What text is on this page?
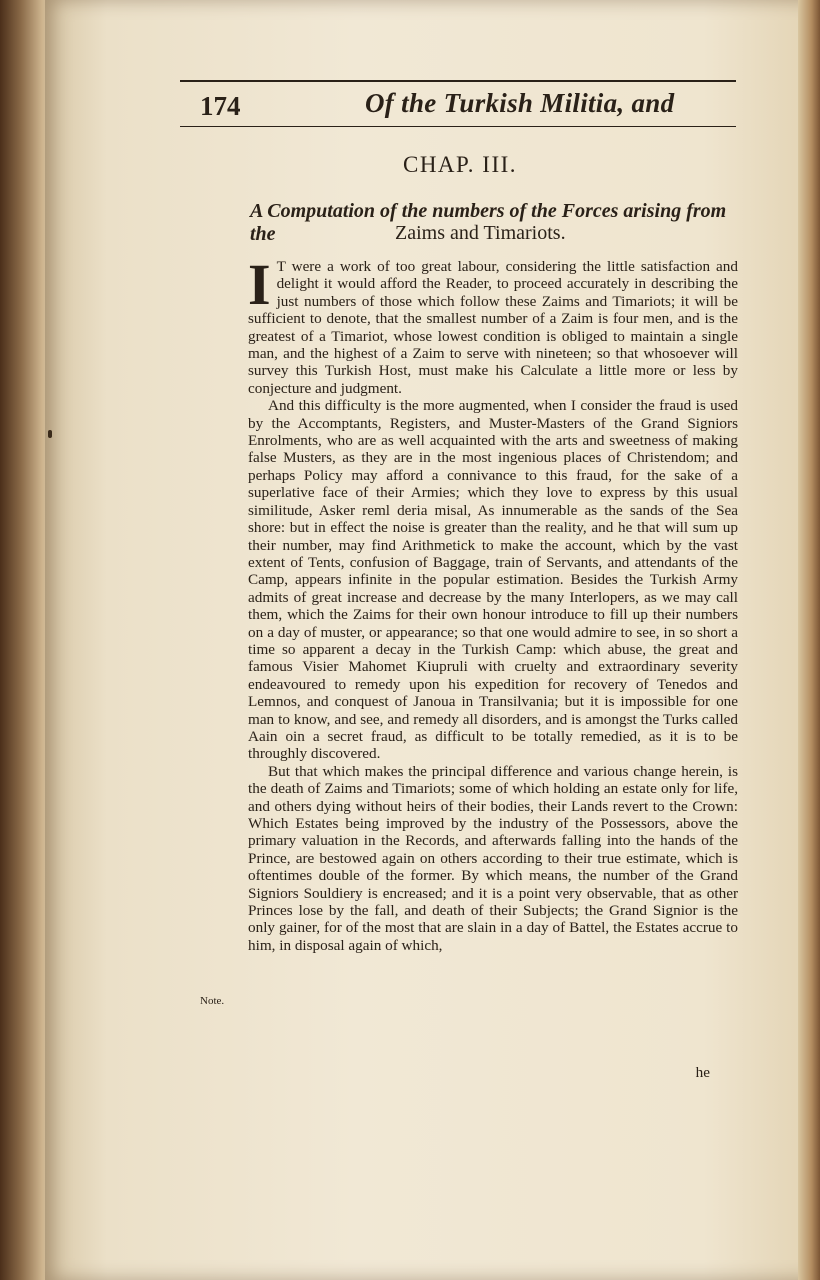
174	Of the Turkish Militia, and
CHAP. III.
A Computation of the numbers of the Forces arising from the	Zaims and Timariots.

I T were a work of too great labour, considering the little satisfaction and delight it would afford the Reader, to proceed accurately in describing the just numbers of those which follow these Zaims and Timariots; it will be sufficient to denote, that the smallest number of a Zaim is four men, and is the greatest of a Timariot, whose lowest condition is obliged to maintain a single man, and the highest of a Zaim to serve with nineteen; so that whosoever will survey this Turkish Host, must make his Calculate a little more or less by conjecture and judgment.

And this difficulty is the more augmented, when I consider the fraud is used by the Accomptants, Registers, and Muster-Masters of the Grand Signiors Enrolments, who are as well acquainted with the arts and sweetness of making false Musters, as they are in the most ingenious places of Christendom; and perhaps Policy may afford a connivance to this fraud, for the sake of a superlative face of their Armies; which they love to express by this usual similitude, Asker reml deria misal, As innumerable as the sands of the Sea shore: but in effect the noise is greater than the reality, and he that will sum up their number, may find Arithmetick to make the account, which by the vast extent of Tents, confusion of Baggage, train of Servants, and attendants of the Camp, appears infinite in the popular estimation. Besides the Turkish Army admits of great increase and decrease by the many Interlopers, as we may call them, which the Zaims for their own honour introduce to fill up their numbers on a day of muster, or appearance; so that one would admire to see, in so short a time so apparent a decay in the Turkish Camp: which abuse, the great and famous Visier Mahomet Kiupruli with cruelty and extraordinary severity endeavoured to remedy upon his expedition for recovery of Tenedos and Lemnos, and conquest of Janoua in Transilvania; but it is impossible for one man to know, and see, and remedy all disorders, and is amongst the Turks called Aain oin a secret fraud, as difficult to be totally remedied, as it is to be throughly discovered.

But that which makes the principal difference and various change herein, is the death of Zaims and Timariots; some of which holding an estate only for life, and others dying without heirs of their bodies, their Lands revert to the Crown: Which Estates being improved by the industry of the Possessors, above the primary valuation in the Records, and afterwards falling into the hands of the Prince, are bestowed again on others according to their true estimate, which is oftentimes double of the former. By which means, the number of the Grand Signiors Souldiery is encreased; and it is a point very observable, that as other Princes lose by the fall, and death of their Subjects; the Grand Signior is the only gainer, for of the most that are slain in a day of Battel, the Estates accrue to him, in disposal again of which,

Note.
he
